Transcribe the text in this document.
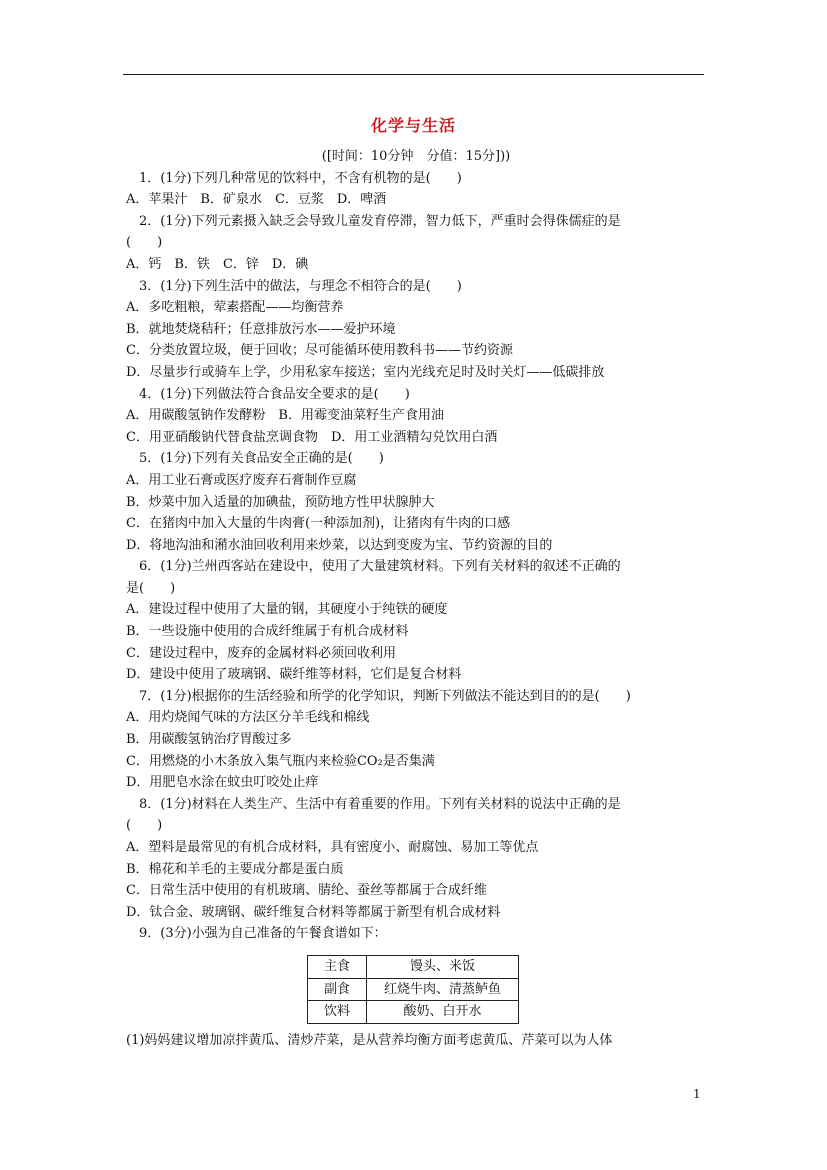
化学与生活
([时间：10分钟　分值：15分]))
　1．(1分)下列几种常见的饮料中，不含有机物的是(　　)
A．苹果汁　B．矿泉水　C．豆浆　D．啤酒
　2．(1分)下列元素摄入缺乏会导致儿童发育停滞，智力低下，严重时会得侏儒症的是
(　　)
A．钙　B．铁　C．锌　D．碘
　3．(1分)下列生活中的做法，与理念不相符合的是(　　)
A．多吃粗粮，荤素搭配——均衡营养
B．就地焚烧秸秆；任意排放污水——爱护环境
C．分类放置垃圾，便于回收；尽可能循环使用教科书——节约资源
D．尽量步行或骑车上学，少用私家车接送；室内光线充足时及时关灯——低碳排放
　4．(1分)下列做法符合食品安全要求的是(　　)
A．用碳酸氢钠作发酵粉　B．用霉变油菜籽生产食用油
C．用亚硝酸钠代替食盐烹调食物　D．用工业酒精勾兑饮用白酒
　5．(1分)下列有关食品安全正确的是(　　)
A．用工业石膏或医疗废弃石膏制作豆腐
B．炒菜中加入适量的加碘盐，预防地方性甲状腺肿大
C．在猪肉中加入大量的牛肉膏(一种添加剂)，让猪肉有牛肉的口感
D．将地沟油和潲水油回收利用来炒菜，以达到变废为宝、节约资源的目的
　6．(1分)兰州西客站在建设中，使用了大量建筑材料。下列有关材料的叙述不正确的
是(　　)
A．建设过程中使用了大量的钢，其硬度小于纯铁的硬度
B．一些设施中使用的合成纤维属于有机合成材料
C．建设过程中，废弃的金属材料必须回收利用
D．建设中使用了玻璃钢、碳纤维等材料，它们是复合材料
　7．(1分)根据你的生活经验和所学的化学知识，判断下列做法不能达到目的的是(　　)
A．用灼烧闻气味的方法区分羊毛线和棉线
B．用碳酸氢钠治疗胃酸过多
C．用燃烧的小木条放入集气瓶内来检验CO₂是否集满
D．用肥皂水涂在蚊虫叮咬处止痒
　8．(1分)材料在人类生产、生活中有着重要的作用。下列有关材料的说法中正确的是
(　　)
A．塑料是最常见的有机合成材料，具有密度小、耐腐蚀、易加工等优点
B．棉花和羊毛的主要成分都是蛋白质
C．日常生活中使用的有机玻璃、腈纶、蚕丝等都属于合成纤维
D．钛合金、玻璃钢、碳纤维复合材料等都属于新型有机合成材料
　9．(3分)小强为自己准备的午餐食谱如下：
主食	馒头、米饭
副食	红烧牛肉、清蒸鲈鱼
饮料	酸奶、白开水
(1)妈妈建议增加凉拌黄瓜、清炒芹菜，是从营养均衡方面考虑黄瓜、芹菜可以为人体
1
